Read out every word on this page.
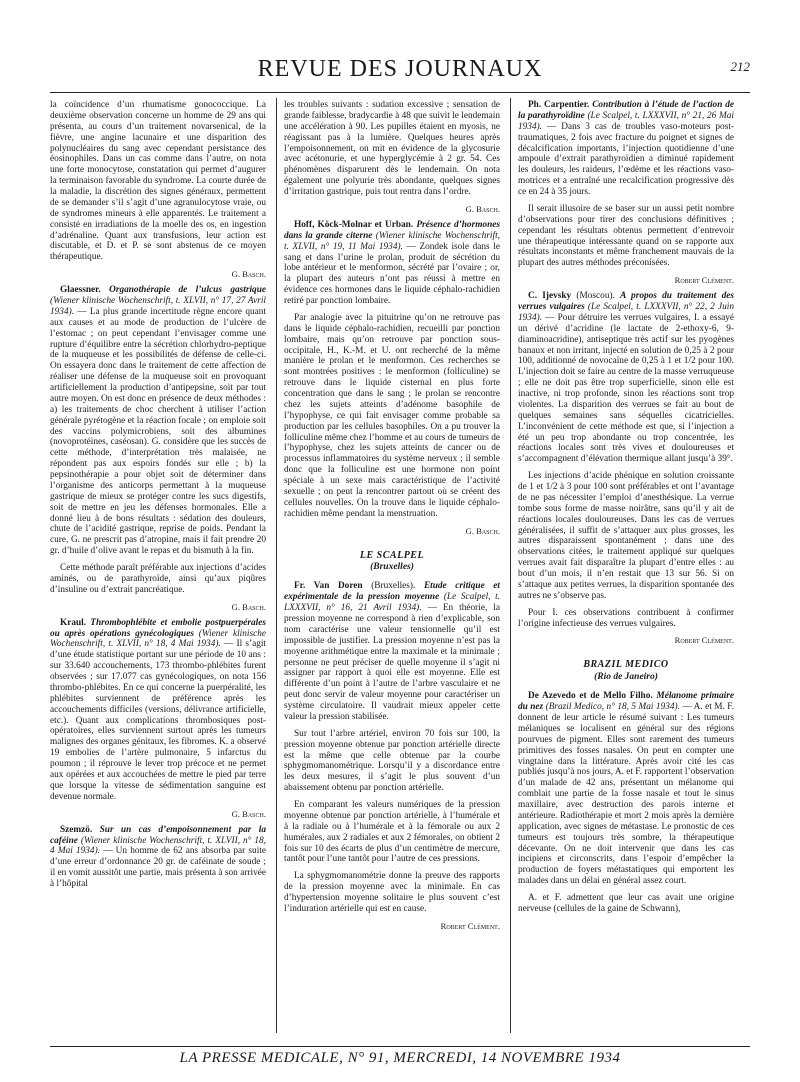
REVUE DES JOURNAUX	212

la coïncidence d’un rhumatisme gonococcique. La deuxième observation concerne un homme de 29 ans qui présenta, au cours d’un traitement novarsenical, de la fièvre, une angine lacunaire et une disparition des polynucléaires du sang avec cependant persistance des éosinophiles. Dans un cas comme dans l’autre, on nota une forte monocytose, constatation qui permet d’augurer la terminaison favorable du syndrome. La courte durée de la maladie, la discrétion des signes généraux, permettent de se demander s’il s’agit d’une agranulocytose vraie, ou de syndromes mineurs à elle apparentés. Le traitement a consisté en irradiations de la moelle des os, en ingestion d’adrénaline. Quant aux transfusions, leur action est discutable, et D. et P. se sont abstenus de ce moyen thérapeutique.

G. Basch.

Glaessner. Organothérapie de l’ulcus gastrique (Wiener klinische Wochenschrift, t. XLVII, n° 17, 27 Avril 1934). — La plus grande incertitude règne encore quant aux causes et au mode de production de l’ulcère de l’estomac ; on peut cependant l’envisager comme une rupture d’équilibre entre la sécrétion chlorhydro-peptique de la muqueuse et les possibilités de défense de celle-ci. On essayera donc dans le traitement de cette affection de réaliser une défense de la muqueuse soit en provoquant artificiellement la production d’antipepsine, soit par tout autre moyen. On est donc en présence de deux méthodes : a) les traitements de choc cherchent à utiliser l’action générale pyrétogène et la réaction focale ; on emploie soit des vaccins polymicrobiens, soit des albumines (novoprotéines, caséosan). G. considère que les succès de cette méthode, d’interprétation très malaisée, ne répondent pas aux espoirs fondés sur elle ; b) la pepsinothérapie a pour objet soit de déterminer dans l’organisme des anticorps permettant à la muqueuse gastrique de mieux se protéger contre les sucs digestifs, soit de mettre en jeu les défenses hormonales. Elle a donné lieu à de bons résultats : sédation des douleurs, chute de l’acidité gastrique, reprise de poids. Pendant la cure, G. ne prescrit pas d’atropine, mais il fait prendre 20 gr. d’huile d’olive avant le repas et du bismuth à la fin.

Cette méthode paraît préférable aux injections d’acides aminés, ou de parathyroïde, ainsi qu’aux piqûres d’insuline ou d’extrait pancréatique.

G. Basch.

Kraul. Thrombophlébite et embolie postpuerpérales ou après opérations gynécologiques (Wiener klinische Wochenschrift, t. XLVII, n° 18, 4 Mai 1934). — Il s’agit d’une étude statistique portant sur une période de 10 ans : sur 33.640 accouchements, 173 thrombo-phlébites furent observées ; sur 17.077 cas gynécologiques, on nota 156 thrombo-phlébites. En ce qui concerne la puerpéralité, les phlébites surviennent de préférence après les accouchements difficiles (versions, délivrance artificielle, etc.). Quant aux complications thrombosiques post-opératoires, elles surviennent surtout après les tumeurs malignes des organes génitaux, les fibromes. K. a observé 19 embolies de l’artère pulmonaire, 5 infarctus du poumon ; il réprouve le lever trop précoce et ne permet aux opérées et aux accouchées de mettre le pied par terre que lorsque la vitesse de sédimentation sanguine est devenue normale.

G. Basch.

Szemzö. Sur un cas d’empoisonnement par la caféine (Wiener klinische Wochenschrift, t. XLVII, n° 18, 4 Mai 1934). — Un homme de 62 ans absorba par suite d’une erreur d’ordonnance 20 gr. de caféinate de soude ; il en vomit aussitôt une partie, mais présenta à son arrivée à l’hôpital

les troubles suivants : sudation excessive ; sensation de grande faiblesse, bradycardie à 48 que suivit le lendemain une accélération à 90. Les pupilles étaient en myosis, ne réagissant pas à la lumière. Quelques heures après l’empoisonnement, on mit en évidence de la glycosurie avec acétonurie, et une hyperglycémie à 2 gr. 54. Ces phénomènes disparurent dès le lendemain. On nota également une polyurie très abondante, quelques signes d’irritation gastrique, puis tout rentra dans l’ordre.

G. Basch.

Hoff, Köck-Molnar et Urban. Présence d’hormones dans la grande citerne (Wiener klinische Wochenschrift, t. XLVII, n° 19, 11 Mai 1934). — Zondek isole dans le sang et dans l’urine le prolan, produit de sécrétion du lobe antérieur et le menformon, sécrété par l’ovaire ; or, la plupart des auteurs n’ont pas réussi à mettre en évidence ces hormones dans le liquide céphalo-rachidien retiré par ponction lombaire.

Par analogie avec la pituitrine qu’on ne retrouve pas dans le liquide céphalo-rachidien, recueilli par ponction lombaire, mais qu’on retrouve par ponction sous-occipitale, H., K.-M. et U. ont recherché de la même manière le prolan et le menformon. Ces recherches se sont montrées positives : le menformon (folliculine) se retrouve dans le liquide cisternal en plus forte concentration que dans le sang ; le prolan se rencontre chez les sujets atteints d’adénome basophile de l’hypophyse, ce qui fait envisager comme probable sa production par les cellules basophiles. On a pu trouver la folliculine même chez l’homme et au cours de tumeurs de l’hypophyse, chez les sujets atteints de cancer ou de processus inflammatoires du système nerveux ; il semble donc que la folliculine est une hormone non point spéciale à un sexe mais caractéristique de l’activité sexuelle ; on peut la rencontrer partout où se créent des cellules nouvelles. On la trouve dans le liquide céphalo-rachidien même pendant la menstruation.

G. Basch.

LE SCALPEL
(Bruxelles)

Fr. Van Doren (Bruxelles). Etude critique et expérimentale de la pression moyenne (Le Scalpel, t. LXXXVII, n° 16, 21 Avril 1934). — En théorie, la pression moyenne ne correspond à rien d’explicable, son nom caractérise une valeur tensionnelle qu’il est impossible de justifier. La pression moyenne n’est pas la moyenne arithmétique entre la maximale et la minimale ; personne ne peut préciser de quelle moyenne il s’agit ni assigner par rapport à quoi elle est moyenne. Elle est différente d’un point à l’autre de l’arbre vasculaire et ne peut donc servir de valeur moyenne pour caractériser un système circulatoire. Il vaudrait mieux appeler cette valeur la pression stabilisée.

Sur tout l’arbre artériel, environ 70 fois sur 100, la pression moyenne obtenue par ponction artérielle directe est la même que celle obtenue par la courbe sphygmomanométrique. Lorsqu’il y a discordance entre les deux mesures, il s’agit le plus souvent d’un abaissement obtenu par ponction artérielle.

En comparant les valeurs numériques de la pression moyenne obtenue par ponction artérielle, à l’humérale et à la radiale ou à l’humérale et à la fémorale ou aux 2 humérales, aux 2 radiales et aux 2 fémorales, on obtient 2 fois sur 10 des écarts de plus d’un centimètre de mercure, tantôt pour l’une tantôt pour l’autre de ces pressions.

La sphygmomanométrie donne la preuve des rapports de la pression moyenne avec la minimale. En cas d’hypertension moyenne solitaire le plus souvent c’est l’induration artérielle qui est en cause.

Robert Clément.

Ph. Carpentier. Contribution à l’étude de l’action de la parathyroïdine (Le Scalpel, t. LXXXVII, n° 21, 26 Mai 1934). — Dans 3 cas de troubles vaso-moteurs post-traumatiques, 2 fois avec fracture du poignet et signes de décalcification importants, l’injection quotidienne d’une ampoule d’extrait parathyroïdien a diminué rapidement les douleurs, les raideurs, l’œdème et les réactions vaso-motrices et a entraîné une recalcification progressive dès ce en 24 à 35 jours.

Il serait illusoire de se baser sur un aussi petit nombre d’observations pour tirer des conclusions définitives ; cependant les résultats obtenus permettent d’entrevoir une thérapeutique intéressante quand on se rapporte aux résultats inconstants et même franchement mauvais de la plupart des autres méthodes préconisées.

Robert Clément.

C. Ijevsky (Moscou). A propos du traitement des verrues vulgaires (Le Scalpel, t. LXXXVII, n° 22, 2 Juin 1934). — Pour détruire les verrues vulgaires, I. a essayé un dérivé d’acridine (le lactate de 2-ethoxy-6, 9-diaminoacridine), antiseptique très actif sur les pyogènes banaux et non irritant, injecté en solution de 0,25 à 2 pour 100, additionné de novocaïne de 0,25 à 1 et 1/2 pour 100. L’injection doit se faire au centre de la masse verruqueuse ; elle ne doit pas être trop superficielle, sinon elle est inactive, ni trop profonde, sinon les réactions sont trop violentes. La disparition des verrues se fait au bout de quelques semaines sans séquelles cicatricielles. L’inconvénient de cette méthode est que, si l’injection a été un peu trop abondante ou trop concentrée, les réactions locales sont très vives et douloureuses et s’accompagnent d’élévation thermique allant jusqu’à 39°.

Les injections d’acide phénique en solution croissante de 1 et 1/2 à 3 pour 100 sont préférables et ont l’avantage de ne pas nécessiter l’emploi d’anesthésique. La verrue tombe sous forme de masse noirâtre, sans qu’il y ait de réactions locales douloureuses. Dans les cas de verrues généralisées, il suffit de s’attaquer aux plus grosses, les autres disparaissent spontanément ; dans une des observations citées, le traitement appliqué sur quelques verrues avait fait disparaître la plupart d’entre elles : au bout d’un mois, il n’en restait que 13 sur 56. Si on s’attaque aux petites verrues, la disparition spontanée des autres ne s’observe pas.

Pour I. ces observations contribuent à confirmer l’origine infectieuse des verrues vulgaires.

Robert Clément.

BRAZIL MEDICO
(Rio de Janeiro)

De Azevedo et de Mello Filho. Mélanome primaire du nez (Brazil Medico, n° 18, 5 Mai 1934). — A. et M. F. donnent de leur article le résumé suivant : Les tumeurs mélaniques se localisent en général sur des régions pourvues de pigment. Elles sont rarement des tumeurs primitives des fosses nasales. On peut en compter une vingtaine dans la littérature. Après avoir cité les cas publiés jusqu’à nos jours, A. et F. rapportent l’observation d’un malade de 42 ans, présentant un mélanome qui comblait une partie de la fosse nasale et tout le sinus maxillaire, avec destruction des parois interne et antérieure. Radiothérapie et mort 2 mois après la dernière application, avec signes de métastase. Le pronostic de ces tumeurs est toujours très sombre, la thérapeutique décevante. On ne doit intervenir que dans les cas incipiens et circonscrits, dans l’espoir d’empêcher la production de foyers métastatiques qui emportent les malades dans un délai en général assez court.

A. et F. admettent que leur cas avait une origine nerveuse (cellules de la gaine de Schwann),

LA PRESSE MEDICALE, N° 91, MERCREDI, 14 NOVEMBRE 1934
